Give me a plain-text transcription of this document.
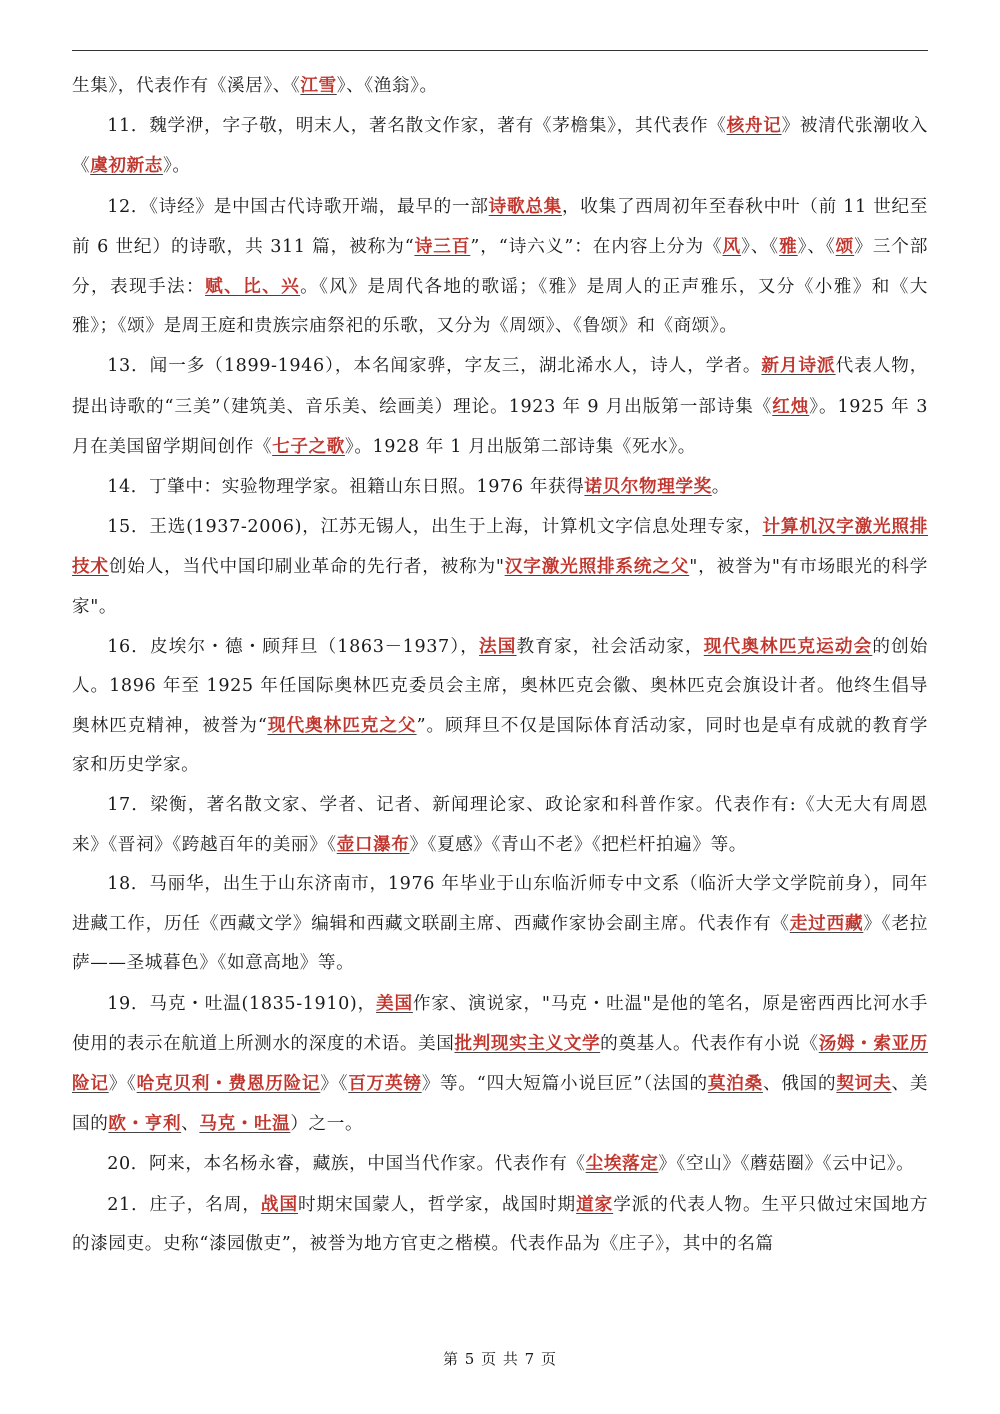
生集》，代表作有《溪居》、《江雪》、《渔翁》。

11．魏学洢，字子敬，明末人，著名散文作家，著有《茅檐集》，其代表作《核舟记》被清代张潮收入《虞初新志》。

12．《诗经》是中国古代诗歌开端，最早的一部诗歌总集，收集了西周初年至春秋中叶（前 11 世纪至前 6 世纪）的诗歌，共 311 篇，被称为“诗三百”，“诗六义”：在内容上分为《风》、《雅》、《颂》三个部分，表现手法：赋、比、兴。《风》是周代各地的歌谣；《雅》是周人的正声雅乐，又分《小雅》和《大雅》；《颂》是周王庭和贵族宗庙祭祀的乐歌，又分为《周颂》、《鲁颂》和《商颂》。

13．闻一多（1899-1946），本名闻家骅，字友三，湖北浠水人，诗人，学者。新月诗派代表人物，提出诗歌的“三美”（建筑美、音乐美、绘画美）理论。1923 年 9 月出版第一部诗集《红烛》。1925 年 3 月在美国留学期间创作《七子之歌》。1928 年 1 月出版第二部诗集《死水》。

14．丁肇中：实验物理学家。祖籍山东日照。1976 年获得诺贝尔物理学奖。

15．王选(1937-2006)，江苏无锡人，出生于上海，计算机文字信息处理专家，计算机汉字激光照排技术创始人，当代中国印刷业革命的先行者，被称为"汉字激光照排系统之父"，被誉为"有市场眼光的科学家"。

16．皮埃尔・德・顾拜旦（1863－1937），法国教育家，社会活动家，现代奥林匹克运动会的创始人。1896 年至 1925 年任国际奥林匹克委员会主席，奥林匹克会徽、奥林匹克会旗设计者。他终生倡导奥林匹克精神，被誉为“现代奥林匹克之父”。顾拜旦不仅是国际体育活动家，同时也是卓有成就的教育学家和历史学家。

17．梁衡，著名散文家、学者、记者、新闻理论家、政论家和科普作家。代表作有:《大无大有周恩来》《晋祠》《跨越百年的美丽》《壶口瀑布》《夏感》《青山不老》《把栏杆拍遍》等。

18．马丽华，出生于山东济南市，1976 年毕业于山东临沂师专中文系（临沂大学文学院前身），同年进藏工作，历任《西藏文学》编辑和西藏文联副主席、西藏作家协会副主席。代表作有《走过西藏》《老拉萨——圣城暮色》《如意高地》等。

19．马克・吐温(1835-1910)，美国作家、演说家，"马克・吐温"是他的笔名，原是密西西比河水手使用的表示在航道上所测水的深度的术语。美国批判现实主义文学的奠基人。代表作有小说《汤姆・索亚历险记》《哈克贝利・费恩历险记》《百万英镑》等。“四大短篇小说巨匠”（法国的莫泊桑、俄国的契诃夫、美国的欧・亨利、马克・吐温）之一。

20．阿来，本名杨永睿，藏族，中国当代作家。代表作有《尘埃落定》《空山》《蘑菇圈》《云中记》。

21．庄子，名周，战国时期宋国蒙人，哲学家，战国时期道家学派的代表人物。生平只做过宋国地方的漆园吏。史称“漆园傲吏”，被誉为地方官吏之楷模。代表作品为《庄子》，其中的名篇

第 5 页 共 7 页
